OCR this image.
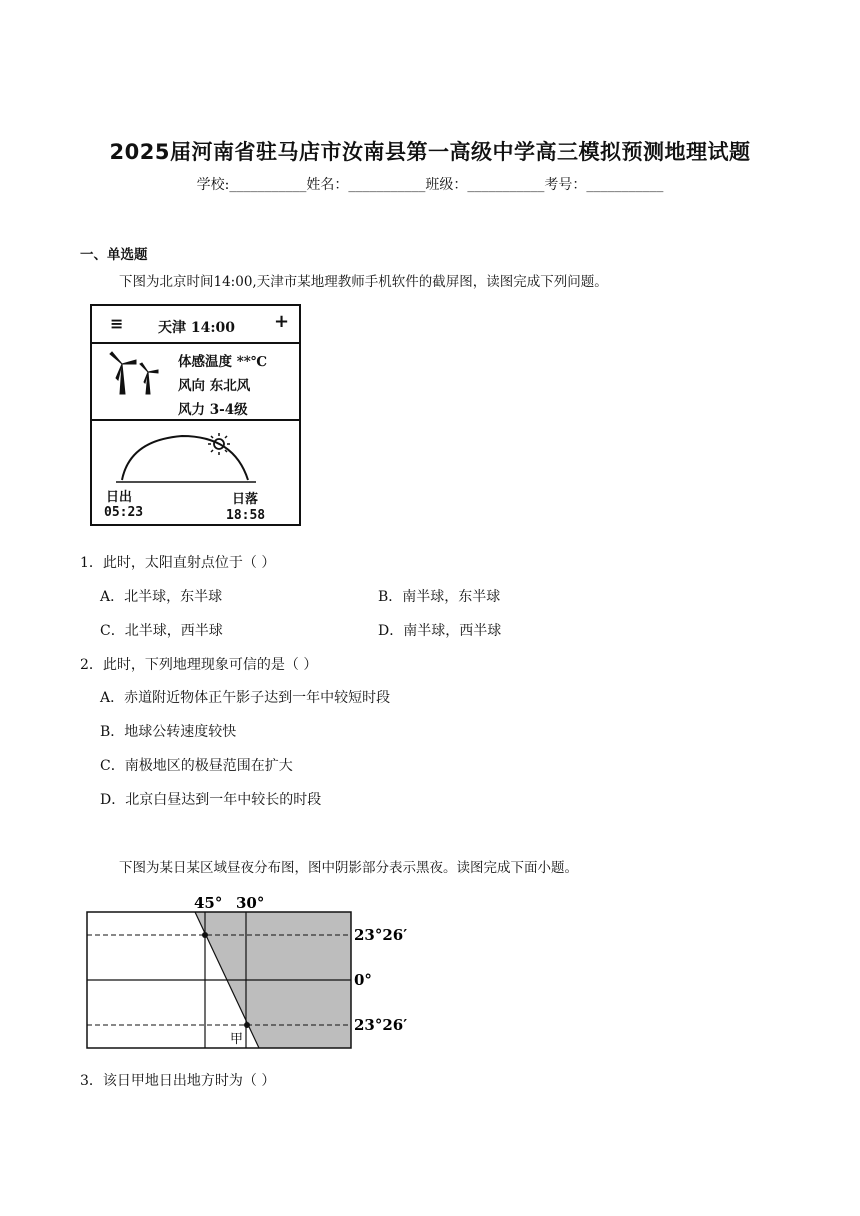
2025届河南省驻马店市汝南县第一高级中学高三模拟预测地理试题
学校:___________姓名：___________班级：___________考号：___________
一、单选题
下图为北京时间14:00,天津市某地理教师手机软件的截屏图，读图完成下列问题。
≡ 天津 14:00 +
体感温度 **℃
风向 东北风
风力 3-4级
日出
05:23
日落
18:58
1．此时，太阳直射点位于（ ）
A．北半球，东半球	B．南半球，东半球
C．北半球，西半球	D．南半球，西半球
2．此时，下列地理现象可信的是（ ）
A．赤道附近物体正午影子达到一年中较短时段
B．地球公转速度较快
C．南极地区的极昼范围在扩大
D．北京白昼达到一年中较长的时段
下图为某日某区域昼夜分布图，图中阴影部分表示黑夜。读图完成下面小题。
45° 30°
23°26′
0°
23°26′
甲
3．该日甲地日出地方时为（ ）
